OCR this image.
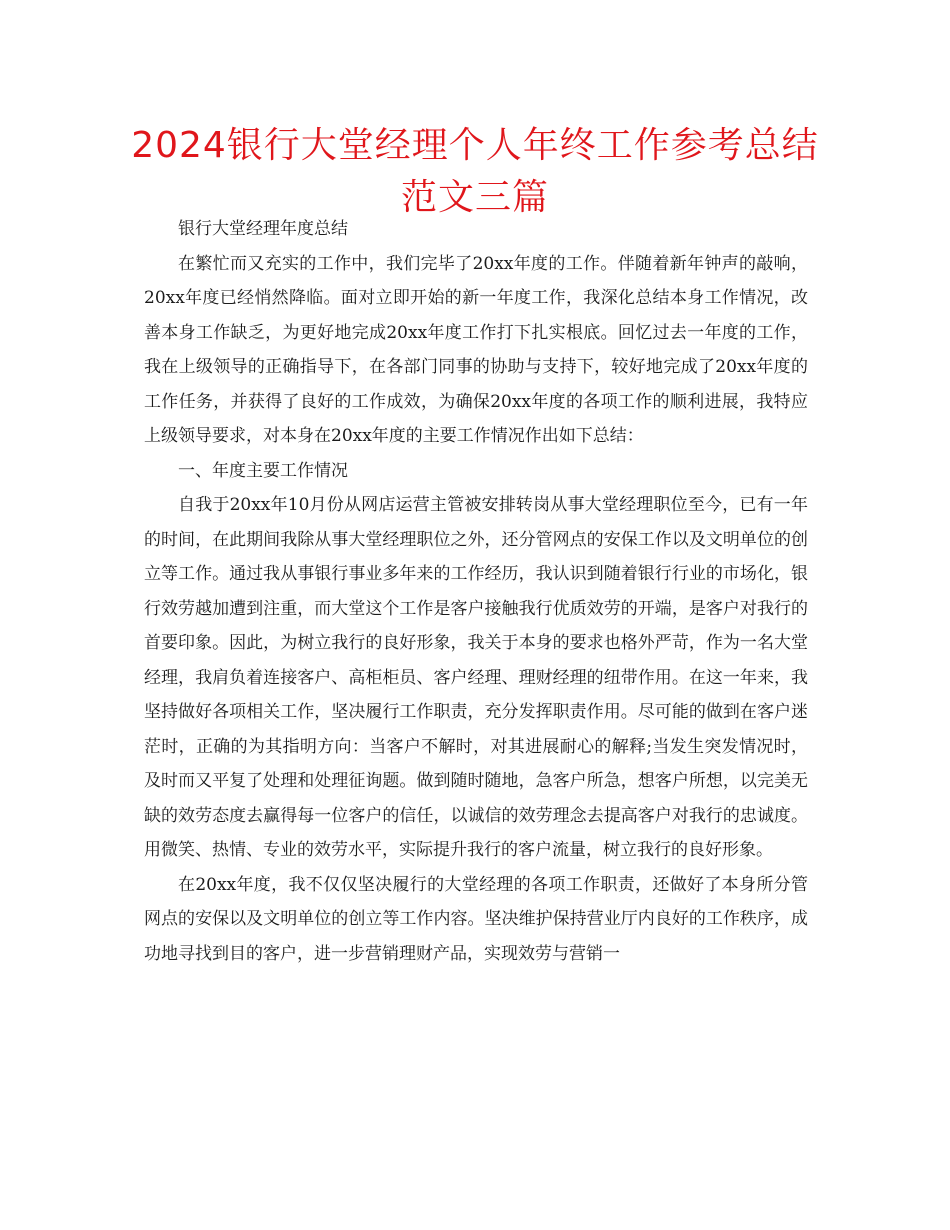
2024银行大堂经理个人年终工作参考总结范文三篇

银行大堂经理年度总结

在繁忙而又充实的工作中，我们完毕了20xx年度的工作。伴随着新年钟声的敲响，20xx年度已经悄然降临。面对立即开始的新一年度工作，我深化总结本身工作情况，改善本身工作缺乏，为更好地完成20xx年度工作打下扎实根底。回忆过去一年度的工作，我在上级领导的正确指导下，在各部门同事的协助与支持下，较好地完成了20xx年度的工作任务，并获得了良好的工作成效，为确保20xx年度的各项工作的顺利进展，我特应上级领导要求，对本身在20xx年度的主要工作情况作出如下总结：

一、年度主要工作情况

自我于20xx年10月份从网店运营主管被安排转岗从事大堂经理职位至今，已有一年的时间，在此期间我除从事大堂经理职位之外，还分管网点的安保工作以及文明单位的创立等工作。通过我从事银行事业多年来的工作经历，我认识到随着银行行业的市场化，银行效劳越加遭到注重，而大堂这个工作是客户接触我行优质效劳的开端，是客户对我行的首要印象。因此，为树立我行的良好形象，我关于本身的要求也格外严苛，作为一名大堂经理，我肩负着连接客户、高柜柜员、客户经理、理财经理的纽带作用。在这一年来，我坚持做好各项相关工作，坚决履行工作职责，充分发挥职责作用。尽可能的做到在客户迷茫时，正确的为其指明方向：当客户不解时，对其进展耐心的解释;当发生突发情况时，及时而又平复了处理和处理征询题。做到随时随地，急客户所急，想客户所想，以完美无缺的效劳态度去赢得每一位客户的信任，以诚信的效劳理念去提高客户对我行的忠诚度。用微笑、热情、专业的效劳水平，实际提升我行的客户流量，树立我行的良好形象。

在20xx年度，我不仅仅坚决履行的大堂经理的各项工作职责，还做好了本身所分管网点的安保以及文明单位的创立等工作内容。坚决维护保持营业厅内良好的工作秩序，成功地寻找到目的客户，进一步营销理财产品，实现效劳与营销一
